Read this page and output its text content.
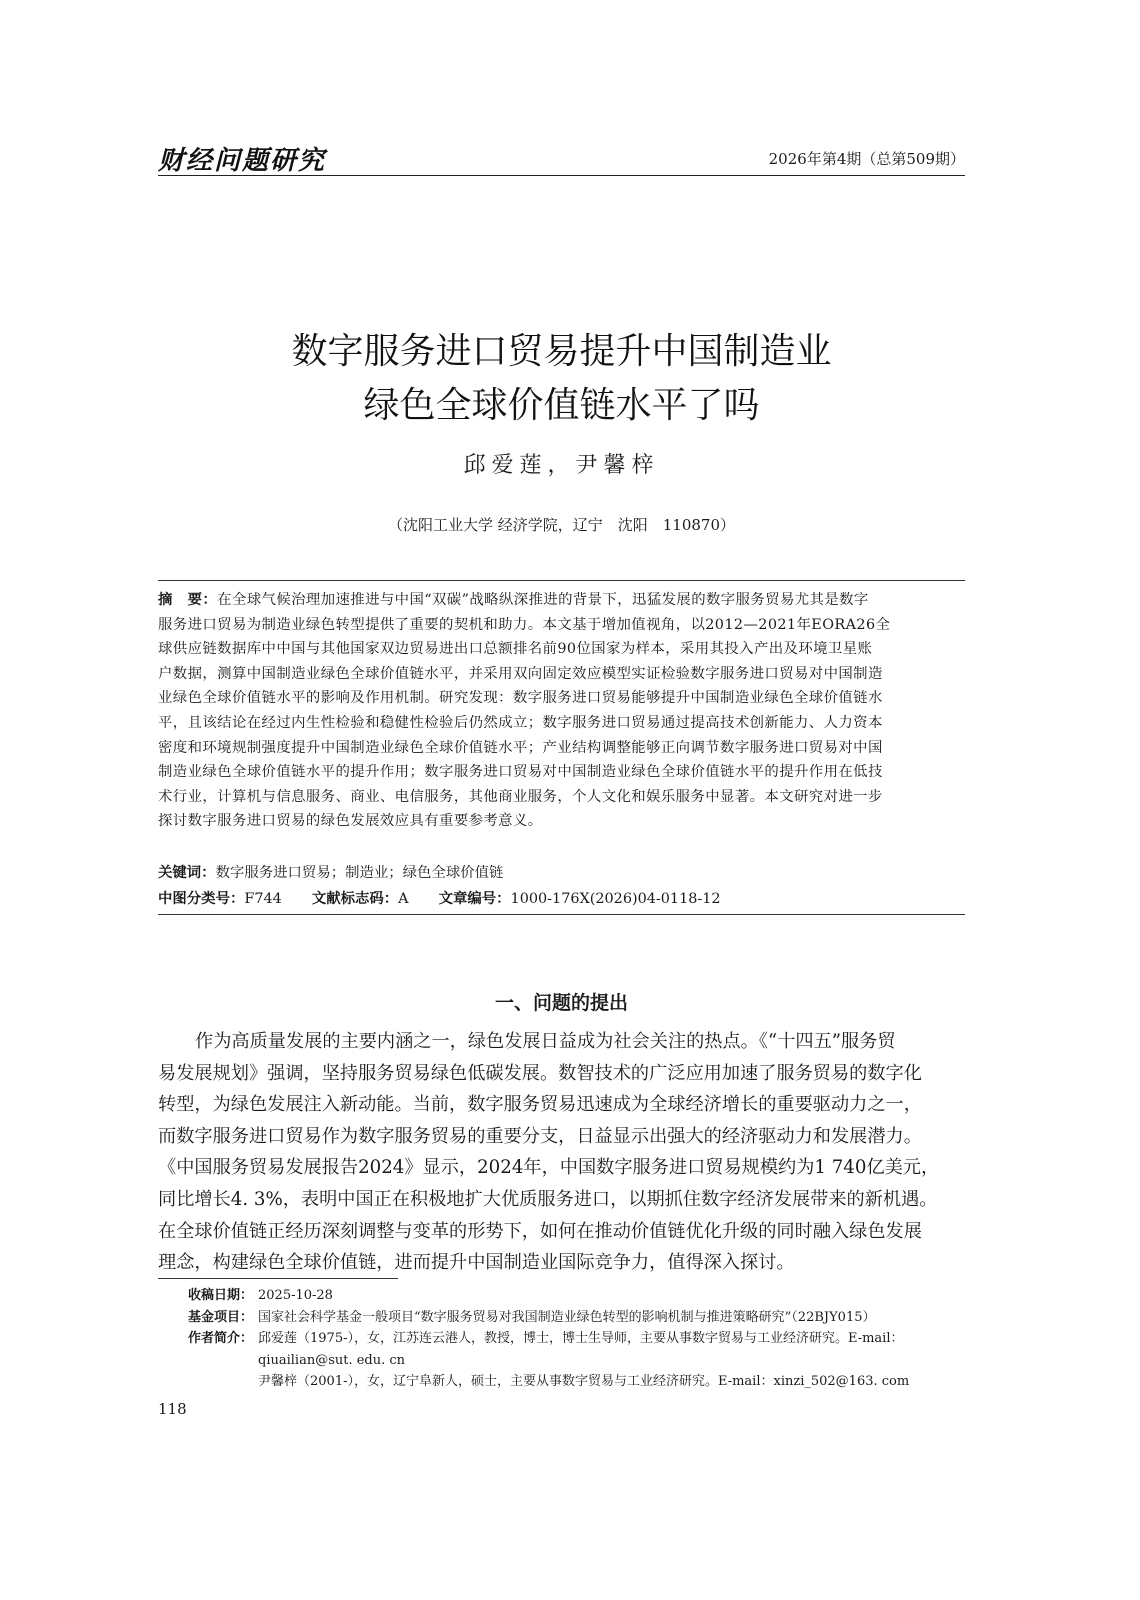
财经问题研究	2026年第4期（总第509期）
数字服务进口贸易提升中国制造业
绿色全球价值链水平了吗
邱爱莲，尹馨梓
（沈阳工业大学 经济学院，辽宁　沈阳　110870）
摘　要：在全球气候治理加速推进与中国“双碳”战略纵深推进的背景下，迅猛发展的数字服务贸易尤其是数字
服务进口贸易为制造业绿色转型提供了重要的契机和助力。本文基于增加值视角，以2012—2021年EORA26全
球供应链数据库中中国与其他国家双边贸易进出口总额排名前90位国家为样本，采用其投入产出及环境卫星账
户数据，测算中国制造业绿色全球价值链水平，并采用双向固定效应模型实证检验数字服务进口贸易对中国制造
业绿色全球价值链水平的影响及作用机制。研究发现：数字服务进口贸易能够提升中国制造业绿色全球价值链水
平，且该结论在经过内生性检验和稳健性检验后仍然成立；数字服务进口贸易通过提高技术创新能力、人力资本
密度和环境规制强度提升中国制造业绿色全球价值链水平；产业结构调整能够正向调节数字服务进口贸易对中国
制造业绿色全球价值链水平的提升作用；数字服务进口贸易对中国制造业绿色全球价值链水平的提升作用在低技
术行业，计算机与信息服务、商业、电信服务，其他商业服务，个人文化和娱乐服务中显著。本文研究对进一步
探讨数字服务进口贸易的绿色发展效应具有重要参考意义。
关键词：数字服务进口贸易；制造业；绿色全球价值链
中图分类号：F744 文献标志码：A 文章编号：1000-176X(2026)04-0118-12
一、问题的提出
作为高质量发展的主要内涵之一，绿色发展日益成为社会关注的热点。《“十四五”服务贸
易发展规划》强调，坚持服务贸易绿色低碳发展。数智技术的广泛应用加速了服务贸易的数字化
转型，为绿色发展注入新动能。当前，数字服务贸易迅速成为全球经济增长的重要驱动力之一，
而数字服务进口贸易作为数字服务贸易的重要分支，日益显示出强大的经济驱动力和发展潜力。
《中国服务贸易发展报告2024》显示，2024年，中国数字服务进口贸易规模约为1 740亿美元，
同比增长4. 3%，表明中国正在积极地扩大优质服务进口，以期抓住数字经济发展带来的新机遇。
在全球价值链正经历深刻调整与变革的形势下，如何在推动价值链优化升级的同时融入绿色发展
理念，构建绿色全球价值链，进而提升中国制造业国际竞争力，值得深入探讨。
收稿日期： 2025-10-28
基金项目： 国家社会科学基金一般项目“数字服务贸易对我国制造业绿色转型的影响机制与推进策略研究”（22BJY015）
作者简介： 邱爱莲（1975-），女，江苏连云港人，教授，博士，博士生导师，主要从事数字贸易与工业经济研究。E-mail：
qiuailian@sut. edu. cn
尹馨梓（2001-），女，辽宁阜新人，硕士，主要从事数字贸易与工业经济研究。E-mail：xinzi_502@163. com
118
